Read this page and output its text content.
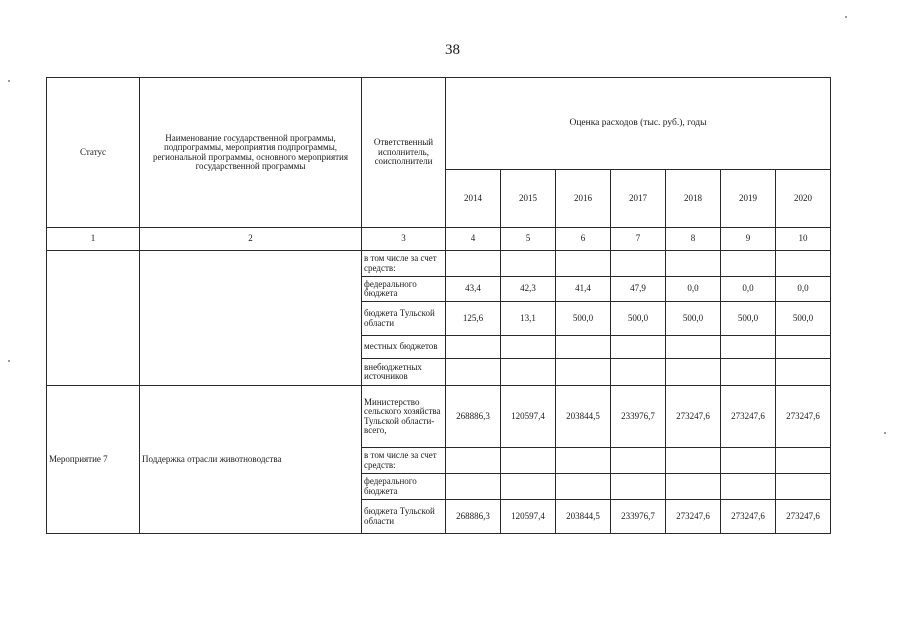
38
Статус	Наименование государственной программы, подпрограммы, мероприятия подпрограммы, региональной программы, основного мероприятия государственной программы	Ответственный исполнитель, соисполнители	Оценка расходов (тыс. руб.), годы						
			2014	2015	2016	2017	2018	2019	2020
1	2	3	4	5	6	7	8	9	10
		в том числе за счет средств:							
		федерального бюджета	43,4	42,3	41,4	47,9	0,0	0,0	0,0
		бюджета Тульской области	125,6	13,1	500,0	500,0	500,0	500,0	500,0
		местных бюджетов							
		внебюджетных источников							
Мероприятие 7	Поддержка отрасли животноводства	Министерство сельского хозяйства Тульской области- всего,	268886,3	120597,4	203844,5	233976,7	273247,6	273247,6	273247,6
		в том числе за счет средств:							
		федерального бюджета							
		бюджета Тульской области	268886,3	120597,4	203844,5	233976,7	273247,6	273247,6	273247,6
